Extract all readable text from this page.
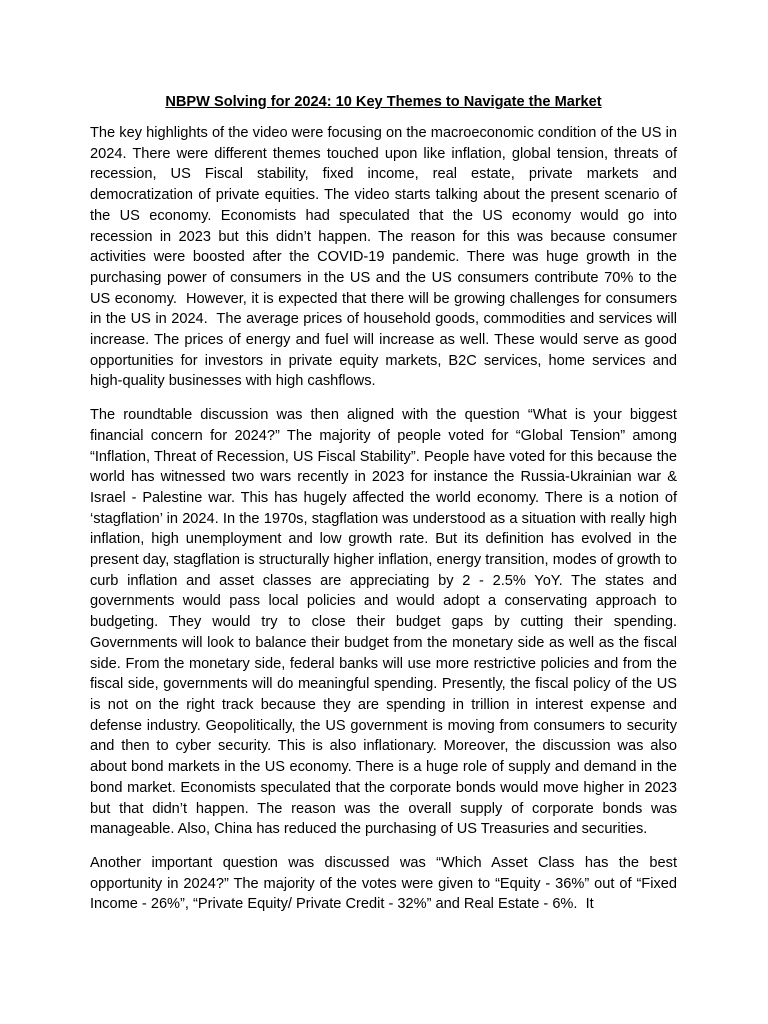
NBPW Solving for 2024: 10 Key Themes to Navigate the Market

The key highlights of the video were focusing on the macroeconomic condition of the US in 2024. There were different themes touched upon like inflation, global tension, threats of recession, US Fiscal stability, fixed income, real estate, private markets and democratization of private equities. The video starts talking about the present scenario of the US economy. Economists had speculated that the US economy would go into recession in 2023 but this didn’t happen. The reason for this was because consumer activities were boosted after the COVID-19 pandemic. There was huge growth in the purchasing power of consumers in the US and the US consumers contribute 70% to the US economy.  However, it is expected that there will be growing challenges for consumers in the US in 2024.  The average prices of household goods, commodities and services will increase. The prices of energy and fuel will increase as well. These would serve as good opportunities for investors in private equity markets, B2C services, home services and high-quality businesses with high cashflows.

The roundtable discussion was then aligned with the question “What is your biggest financial concern for 2024?” The majority of people voted for “Global Tension” among “Inflation, Threat of Recession, US Fiscal Stability”. People have voted for this because the world has witnessed two wars recently in 2023 for instance the Russia-Ukrainian war & Israel - Palestine war. This has hugely affected the world economy. There is a notion of ‘stagflation’ in 2024. In the 1970s, stagflation was understood as a situation with really high inflation, high unemployment and low growth rate. But its definition has evolved in the present day, stagflation is structurally higher inflation, energy transition, modes of growth to curb inflation and asset classes are appreciating by 2 - 2.5% YoY. The states and governments would pass local policies and would adopt a conservating approach to budgeting. They would try to close their budget gaps by cutting their spending. Governments will look to balance their budget from the monetary side as well as the fiscal side. From the monetary side, federal banks will use more restrictive policies and from the fiscal side, governments will do meaningful spending. Presently, the fiscal policy of the US is not on the right track because they are spending in trillion in interest expense and defense industry. Geopolitically, the US government is moving from consumers to security and then to cyber security. This is also inflationary. Moreover, the discussion was also about bond markets in the US economy. There is a huge role of supply and demand in the bond market. Economists speculated that the corporate bonds would move higher in 2023 but that didn’t happen. The reason was the overall supply of corporate bonds was manageable. Also, China has reduced the purchasing of US Treasuries and securities.

Another important question was discussed was “Which Asset Class has the best opportunity in 2024?” The majority of the votes were given to “Equity - 36%” out of “Fixed Income - 26%”, “Private Equity/ Private Credit - 32%” and Real Estate - 6%.  It
